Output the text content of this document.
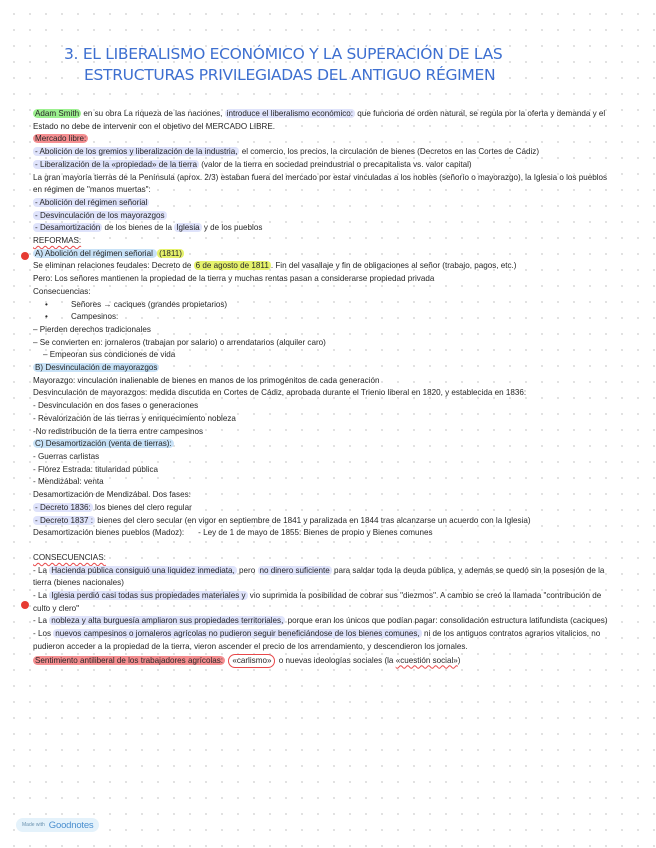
3. EL LIBERALISMO ECONÓMICO Y LA SUPERACIÓN DE LAS
ESTRUCTURAS PRIVILEGIADAS DEL ANTIGUO RÉGIMEN
Adam Smith en su obra La riqueza de las naciones, introduce el liberalismo económico: que funciona de orden natural, se regula por la oferta y demanda y el Estado no debe de intervenir con el objetivo del MERCADO LIBRE.
Mercado libre:
- Abolición de los gremios y liberalización de la industria, el comercio, los precios, la circulación de bienes (Decretos en las Cortes de Cádiz)
- Liberalización de la «propiedad» de la tierra (valor de la tierra en sociedad preindustrial o precapitalista vs. valor capital)
La gran mayoría tierras de la Península (aprox. 2/3) estaban fuera del mercado por estar vinculadas a los nobles (señorío o mayorazgo), la Iglesia o los pueblos en régimen de "manos muertas":
- Abolición del régimen señorial
- Desvinculación de los mayorazgos
- Desamortización de los bienes de la Iglesia y de los pueblos
REFORMAS:
A) Abolición del régimen señorial (1811)
Se eliminan relaciones feudales: Decreto de 6 de agosto de 1811 . Fin del vasallaje y fin de obligaciones al señor (trabajo, pagos, etc.)
Pero: Los señores mantienen la propiedad de la tierra y muchas rentas pasan a considerarse propiedad privada
Consecuencias:
•	Señores → caciques (grandes propietarios)
•	Campesinos:
– Pierden derechos tradicionales
– Se convierten en: jornaleros (trabajan por salario) o arrendatarios (alquiler caro)
– Empeoran sus condiciones de vida
B) Desvinculación de mayorazgos
Mayorazgo: vinculación inalienable de bienes en manos de los primogénitos de cada generación
Desvinculación de mayorazgos: medida discutida en Cortes de Cádiz, aprobada durante el Trienio liberal en 1820, y establecida en 1836:
- Desvinculación en dos fases o generaciones
- Revalorización de las tierras y enriquecimiento nobleza
-No redistribución de la tierra entre campesinos
C) Desamortización (venta de tierras):
- Guerras carlistas
- Flórez Estrada: titularidad pública
- Mendizábal: venta
Desamortización de Mendizábal. Dos fases:
- Decreto 1836: los bienes del clero regular
- Decreto 1837 : bienes del clero secular (en vigor en septiembre de 1841 y paralizada en 1844 tras alcanzarse un acuerdo con la Iglesia)
Desamortización bienes pueblos (Madoz): - Ley de 1 de mayo de 1855: Bienes de propio y Bienes comunes
CONSECUENCIAS:
- La Hacienda pública consiguió una liquidez inmediata, pero no dinero suficiente para saldar toda la deuda pública, y además se quedó sin la posesión de la tierra (bienes nacionales)
- La Iglesia perdió casi todas sus propiedades materiales y vio suprimida la posibilidad de cobrar sus "diezmos". A cambio se creó la llamada "contribución de culto y clero"
- La nobleza y alta burguesía ampliaron sus propiedades territoriales, porque eran los únicos que podían pagar: consolidación estructura latifundista (caciques)
- Los nuevos campesinos o jornaleros agrícolas no pudieron seguir beneficiándose de los bienes comunes, ni de los antiguos contratos agrarios vitalicios, no pudieron acceder a la propiedad de la tierra, vieron ascender el precio de los arrendamiento, y descendieron los jornales.
Sentimiento antiliberal de los trabajadores agrícolas: «carlismo» o nuevas ideologías sociales (la «cuestión social»)
Made with Goodnotes
